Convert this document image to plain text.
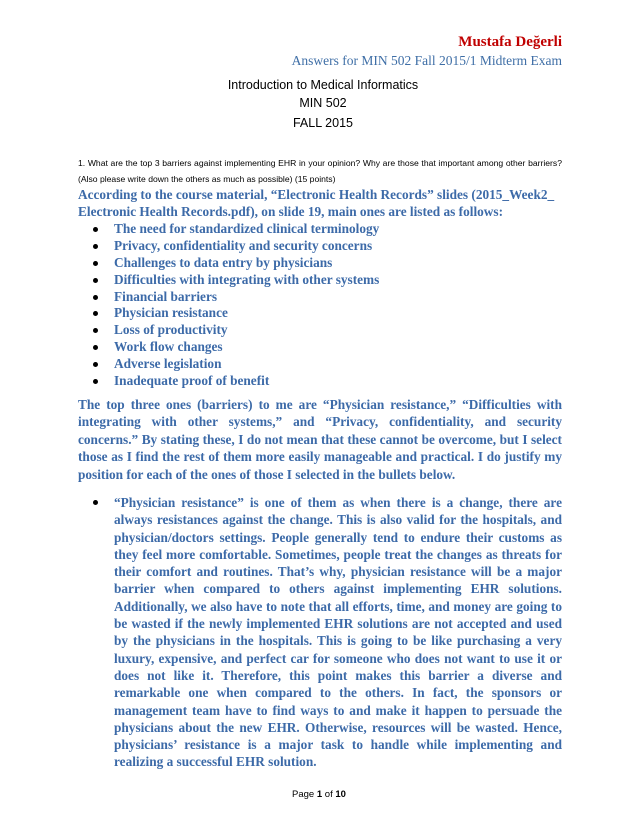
Mustafa Değerli
Answers for MIN 502 Fall 2015/1 Midterm Exam
Introduction to Medical Informatics
MIN 502
FALL 2015
1. What are the top 3 barriers against implementing EHR in your opinion? Why are those that important among other barriers? (Also please write down the others as much as possible) (15 points)
According to the course material, “Electronic Health Records” slides (2015_Week2_ Electronic Health Records.pdf), on slide 19, main ones are listed as follows:
The need for standardized clinical terminology
Privacy, confidentiality and security concerns
Challenges to data entry by physicians
Difficulties with integrating with other systems
Financial barriers
Physician resistance
Loss of productivity
Work flow changes
Adverse legislation
Inadequate proof of benefit
The top three ones (barriers) to me are “Physician resistance,” “Difficulties with integrating with other systems,” and “Privacy, confidentiality, and security concerns.” By stating these, I do not mean that these cannot be overcome, but I select those as I find the rest of them more easily manageable and practical. I do justify my position for each of the ones of those I selected in the bullets below.
“Physician resistance” is one of them as when there is a change, there are always resistances against the change. This is also valid for the hospitals, and physician/doctors settings. People generally tend to endure their customs as they feel more comfortable. Sometimes, people treat the changes as threats for their comfort and routines. That’s why, physician resistance will be a major barrier when compared to others against implementing EHR solutions. Additionally, we also have to note that all efforts, time, and money are going to be wasted if the newly implemented EHR solutions are not accepted and used by the physicians in the hospitals. This is going to be like purchasing a very luxury, expensive, and perfect car for someone who does not want to use it or does not like it. Therefore, this point makes this barrier a diverse and remarkable one when compared to the others. In fact, the sponsors or management team have to find ways to and make it happen to persuade the physicians about the new EHR. Otherwise, resources will be wasted. Hence, physicians’ resistance is a major task to handle while implementing and realizing a successful EHR solution.
Page 1 of 10
